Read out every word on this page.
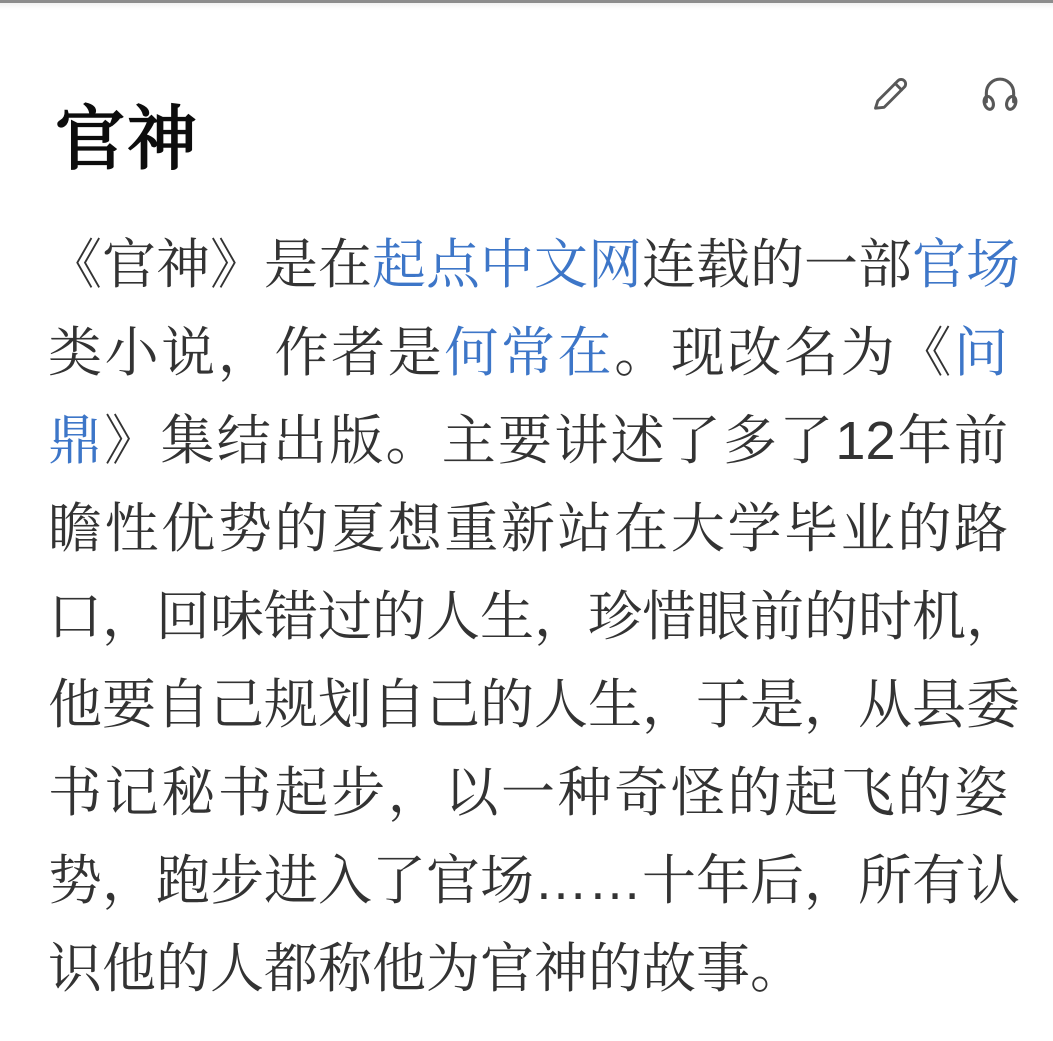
官神
《官神》是在起点中文网连载的一部官场
类小说，作者是何常在。现改名为《问
鼎》集结出版。主要讲述了多了12年前
瞻性优势的夏想重新站在大学毕业的路
口，回味错过的人生，珍惜眼前的时机，
他要自己规划自己的人生，于是，从县委
书记秘书起步，以一种奇怪的起飞的姿
势，跑步进入了官场……十年后，所有认
识他的人都称他为官神的故事。
